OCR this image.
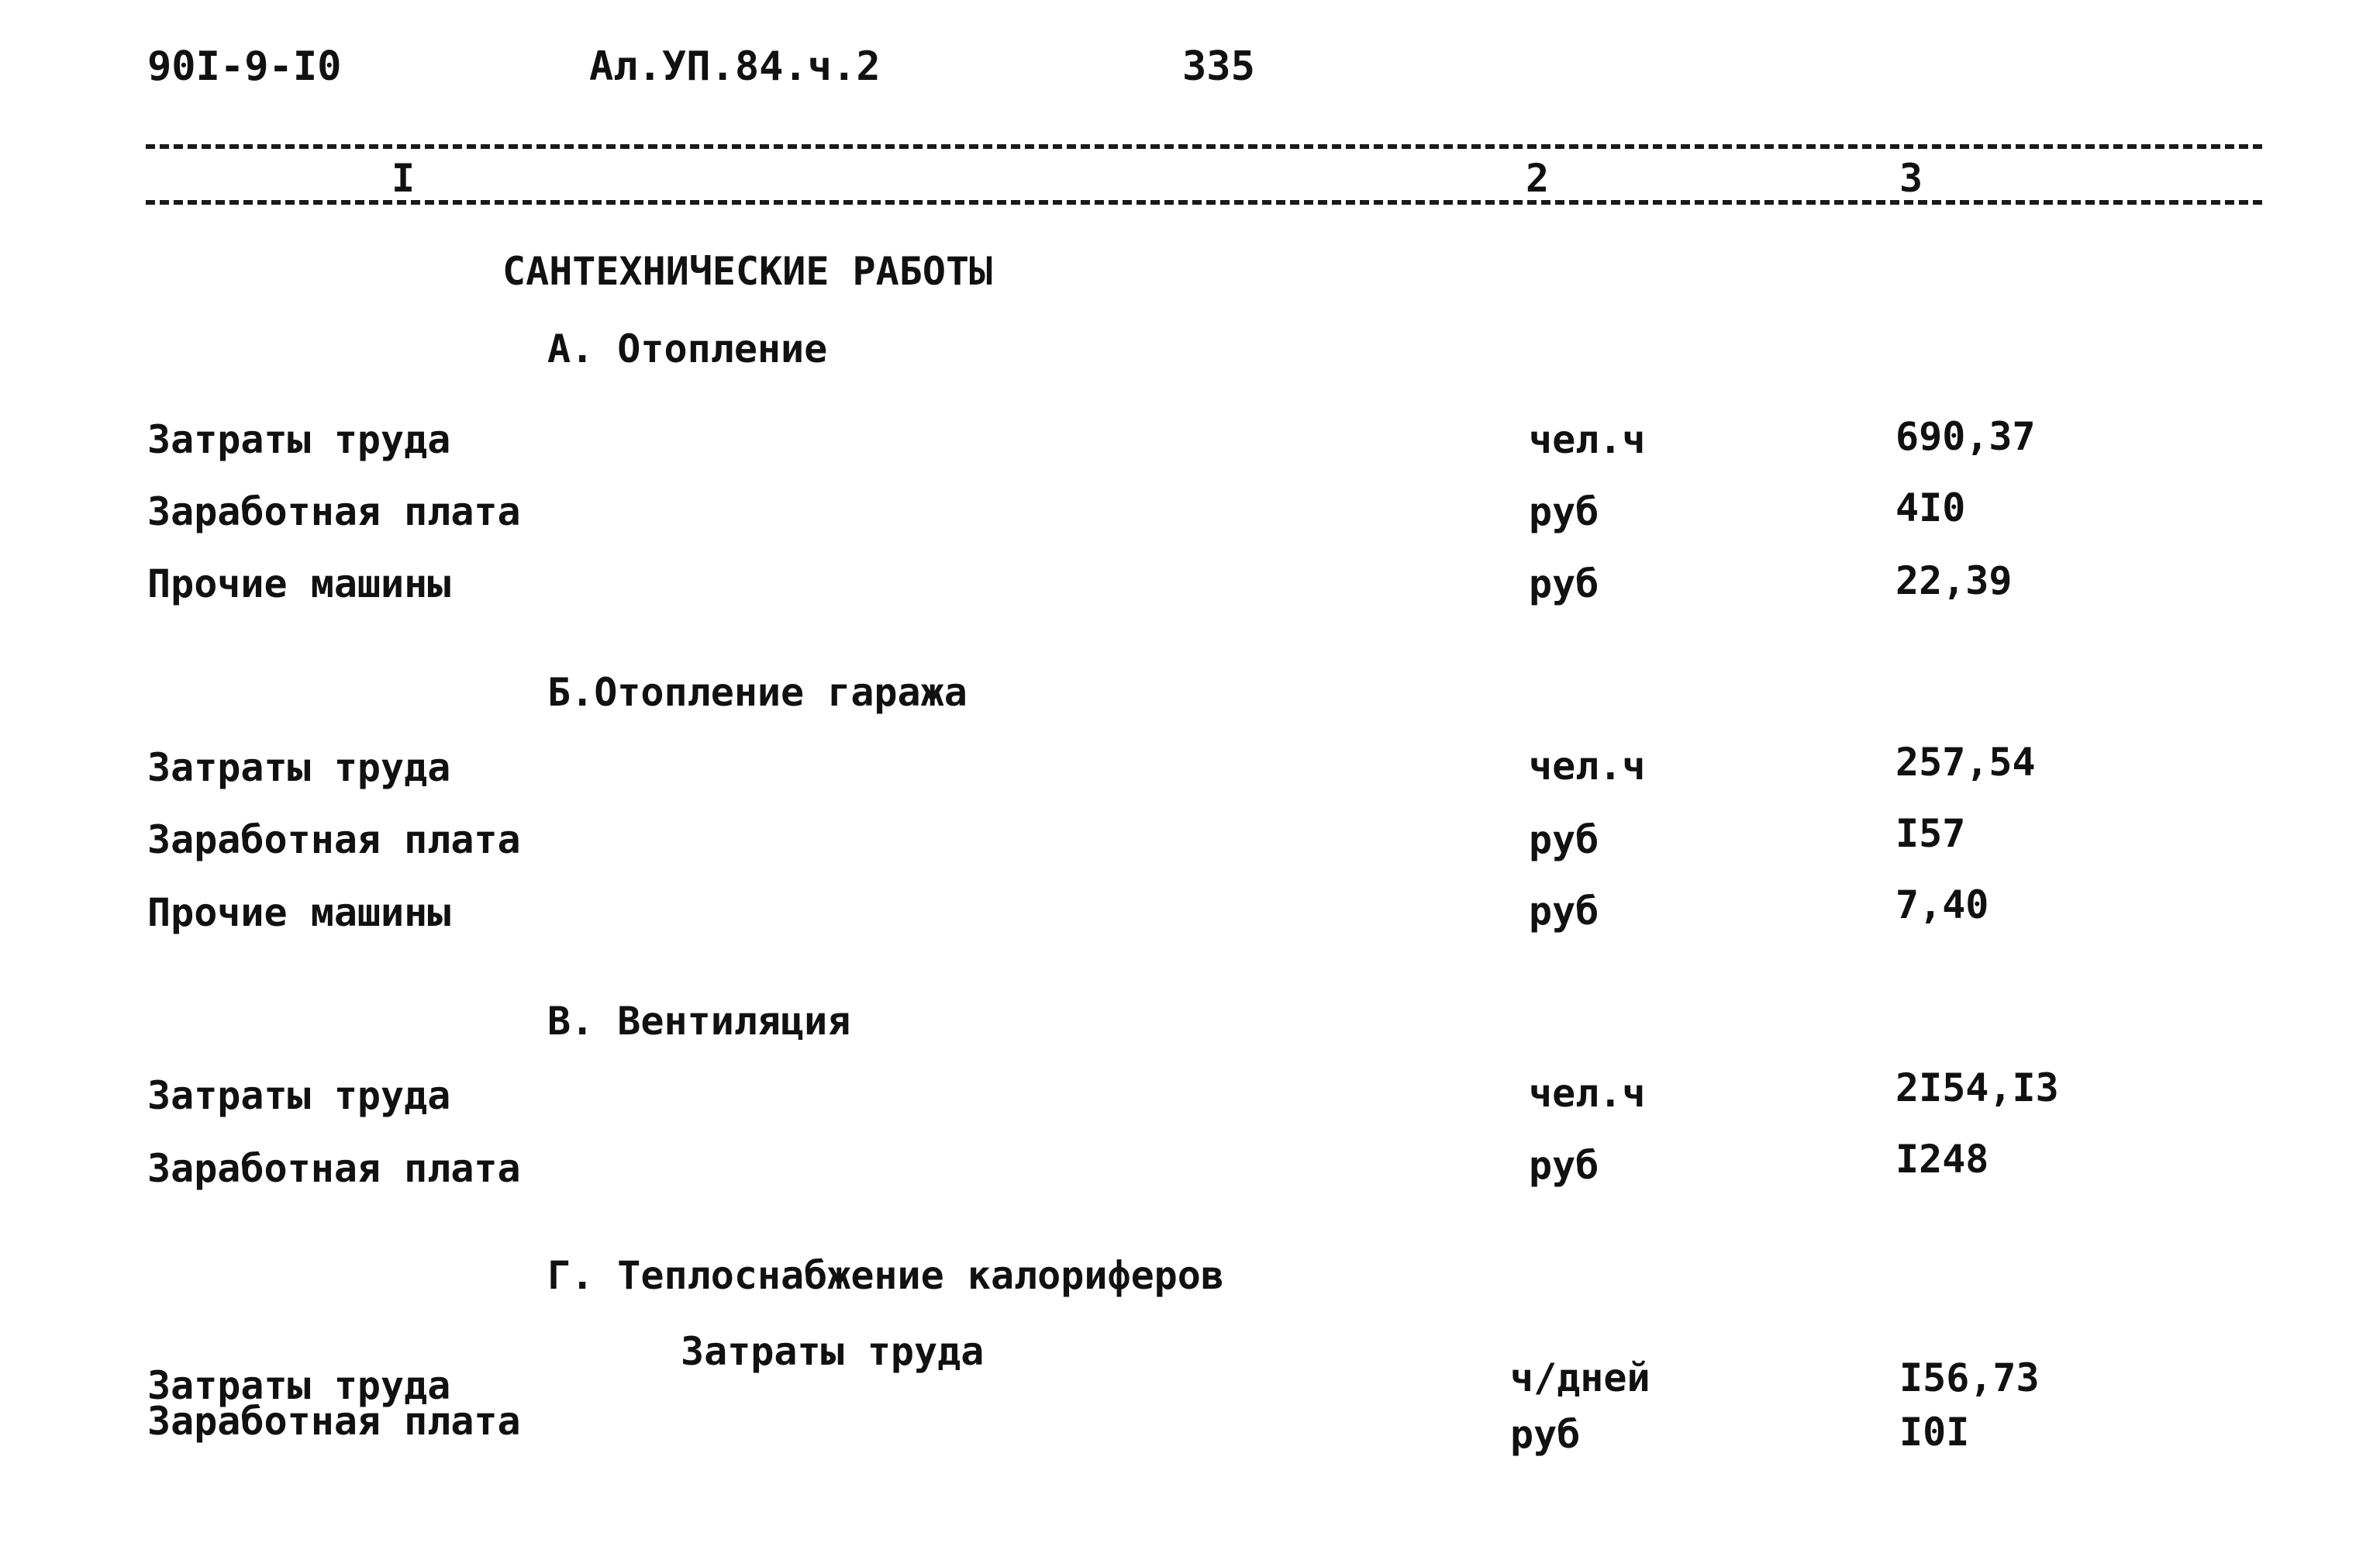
90I-9-I0	Ал.УП.84.ч.2	335
I	2	3
САНТЕХНИЧЕСКИЕ РАБОТЫ
А. Отопление
Затраты труда	чел.ч	690,37
Заработная плата	руб	4I0
Прочие машины	руб	22,39
Б.Отопление гаража
Затраты труда	чел.ч	257,54
Заработная плата	руб	I57
Прочие машины	руб	7,40
В. Вентиляция
Затраты труда	чел.ч	2I54,I3
Заработная плата	руб	I248
Г. Теплоснабжение калориферов
Затраты труда
Затраты труда	ч/дней	I56,73
Заработная плата	руб	I0I
